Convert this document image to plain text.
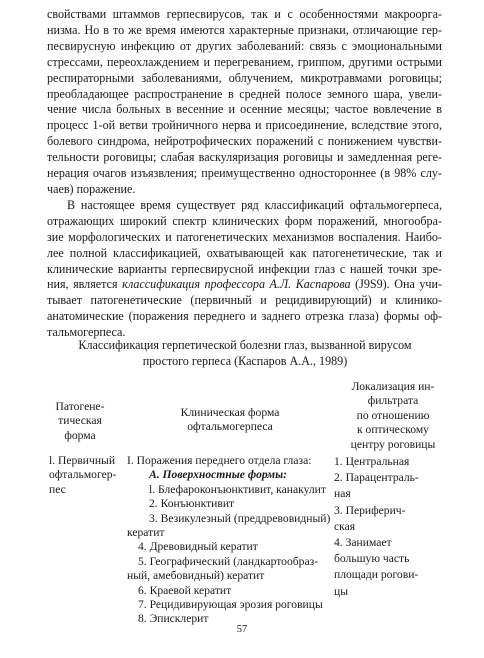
свойствами штаммов герпесвирусов, так и с особенностями макроорга-
низма. Но в то же время имеются характерные признаки, отличающие гер-
песвирусную инфекцию от других заболеваний: связь с эмоциональными
стрессами, переохлаждением и перегреванием, гриппом, другими острыми
респираторными заболеваниями, облучением, микротравмами роговицы;
преобладающее распространение в средней полосе земного шара, увели-
чение числа больных в весенние и осенние месяцы; частое вовлечение в
процесс 1-ой ветви тройничного нерва и присоединение, вследствие этого,
болевого синдрома, нейротрофических поражений с понижением чувстви-
тельности роговицы; слабая васкуляризация роговицы и замедленная реге-
нерация очагов изъязвления; преимущественно одностороннее (в 98% слу-
чаев) поражение.
В настоящее время существует ряд классификаций офтальмогерпеса,
отражающих широкий спектр клинических форм поражений, многообра-
зие морфологических и патогенетических механизмов воспаления. Наибо-
лее полной классификацией, охватывающей как патогенетические, так и
клинические варианты герпесвирусной инфекции глаз с нашей точки зре-
ния, является классификация профессора А.Л. Каспарова (J9S9). Она учи-
тывает патогенетические (первичный и рецидивирующий) и клинико-
анатомические (поражения переднего и заднего отрезка глаза) формы оф-
тальмогерпеса.
Классификация герпетической болезни глаз, вызванной вирусом
простого герпеса (Каспаров А.А., 1989)
Патогене-
тическая
форма
Клиническая форма
офтальмогерпеса
Локализация ин-
фильтрата
по отношению
к оптическому
центру роговицы
l. Первичный
офтальмогер-
пес
I. Поражения переднего отдела глаза:
А. Поверхностные формы:
l. Блефароконъюнктивит, канакулит
2. Конъюнктивит
3. Везикулезный (преддревовидный)
кератит
4. Древовидный кератит
5. Географический (ландкартообраз-
ный, амебовидный) кератит
6. Краевой кератит
7. Рецидивирующая эрозия роговицы
8. Эписклерит
1. Центральная
2. Парацентраль-
ная
3. Периферич-
ская
4. Занимает
большую часть
площади рогови-
цы
57
